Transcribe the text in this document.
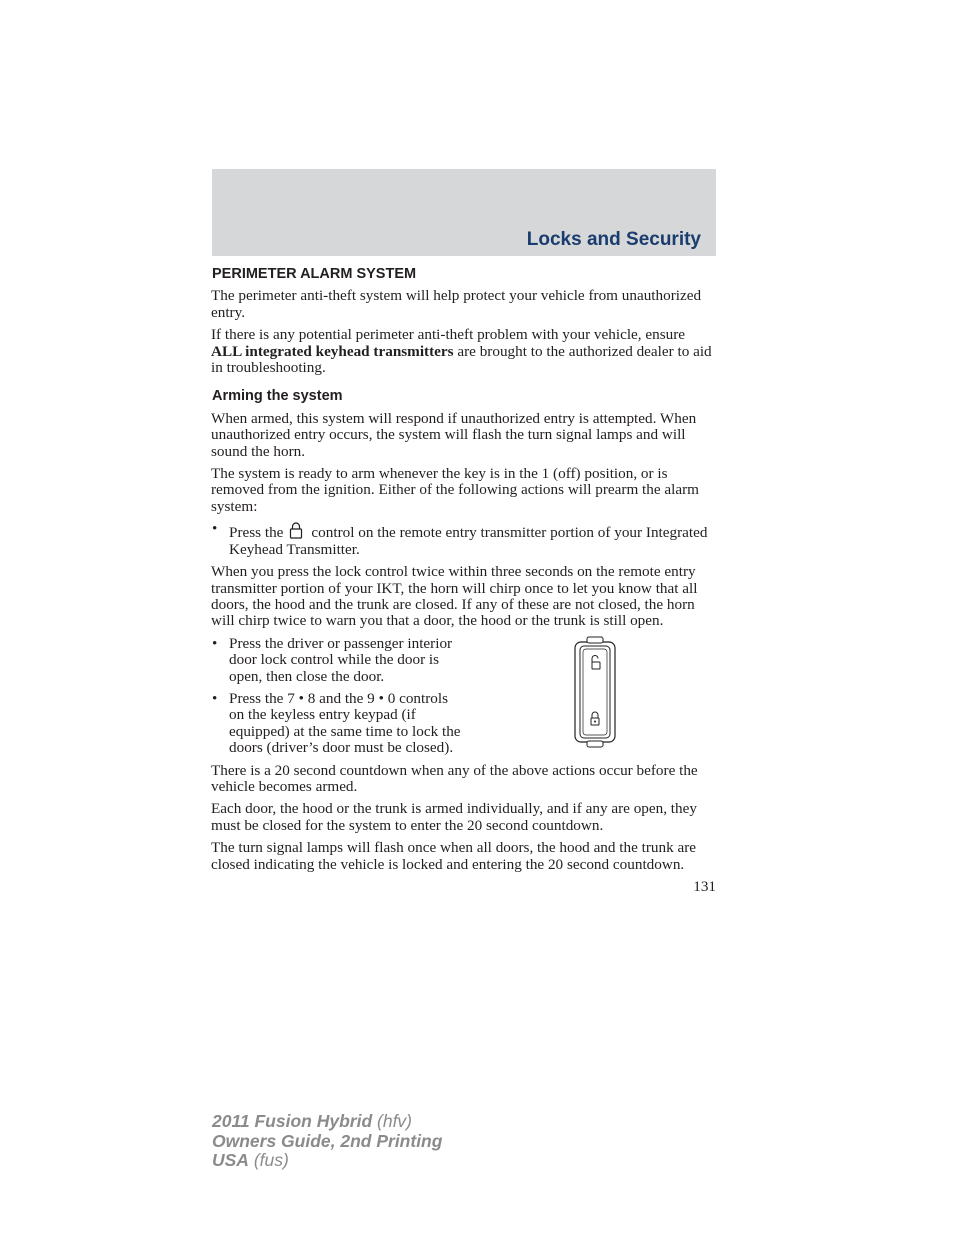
Locks and Security
PERIMETER ALARM SYSTEM

The perimeter anti-theft system will help protect your vehicle from unauthorized entry.

If there is any potential perimeter anti-theft problem with your vehicle, ensure ALL integrated keyhead transmitters are brought to the authorized dealer to aid in troubleshooting.

Arming the system

When armed, this system will respond if unauthorized entry is attempted. When unauthorized entry occurs, the system will flash the turn signal lamps and will sound the horn.

The system is ready to arm whenever the key is in the 1 (off) position, or is removed from the ignition. Either of the following actions will prearm the alarm system:

• Press the control on the remote entry transmitter portion of your Integrated Keyhead Transmitter.

When you press the lock control twice within three seconds on the remote entry transmitter portion of your IKT, the horn will chirp once to let you know that all doors, the hood and the trunk are closed. If any of these are not closed, the horn will chirp twice to warn you that a door, the hood or the trunk is still open.

• Press the driver or passenger interior door lock control while the door is open, then close the door.
• Press the 7 • 8 and the 9 • 0 controls on the keyless entry keypad (if equipped) at the same time to lock the doors (driver’s door must be closed).

There is a 20 second countdown when any of the above actions occur before the vehicle becomes armed.

Each door, the hood or the trunk is armed individually, and if any are open, they must be closed for the system to enter the 20 second countdown.

The turn signal lamps will flash once when all doors, the hood and the trunk are closed indicating the vehicle is locked and entering the 20 second countdown.

131
2011 Fusion Hybrid (hfv)
Owners Guide, 2nd Printing
USA (fus)
